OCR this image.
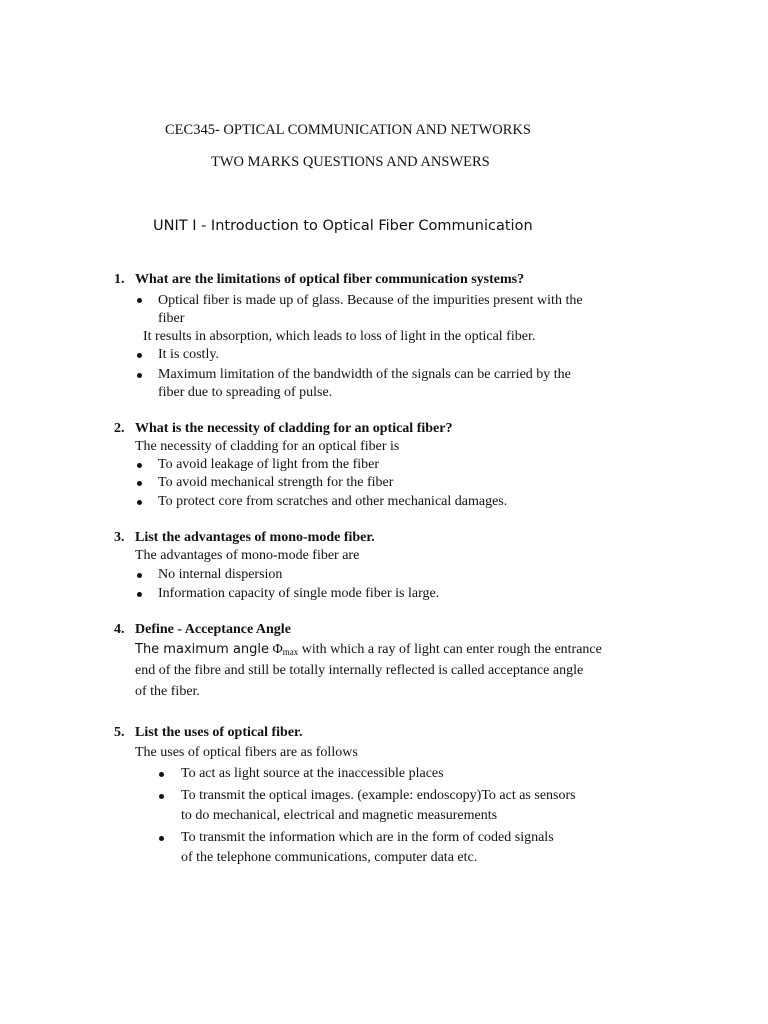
CEC345- OPTICAL COMMUNICATION AND NETWORKS
TWO MARKS QUESTIONS AND ANSWERS
UNIT I - Introduction to Optical Fiber Communication
1. What are the limitations of optical fiber communication systems?
Optical fiber is made up of glass. Because of the impurities present with the
fiber
It results in absorption, which leads to loss of light in the optical fiber.
It is costly.
Maximum limitation of the bandwidth of the signals can be carried by the
fiber due to spreading of pulse.
2. What is the necessity of cladding for an optical fiber?
The necessity of cladding for an optical fiber is
To avoid leakage of light from the fiber
To avoid mechanical strength for the fiber
To protect core from scratches and other mechanical damages.
3. List the advantages of mono-mode fiber.
The advantages of mono-mode fiber are
No internal dispersion
Information capacity of single mode fiber is large.
4. Define - Acceptance Angle
The maximum angle $\Phi_{max}$ with which a ray of light can enter rough the entrance
end of the fibre and still be totally internally reflected is called acceptance angle
of the fiber.
5. List the uses of optical fiber.
The uses of optical fibers are as follows
To act as light source at the inaccessible places
To transmit the optical images. (example: endoscopy)To act as sensors
to do mechanical, electrical and magnetic measurements
To transmit the information which are in the form of coded signals
of the telephone communications, computer data etc.
